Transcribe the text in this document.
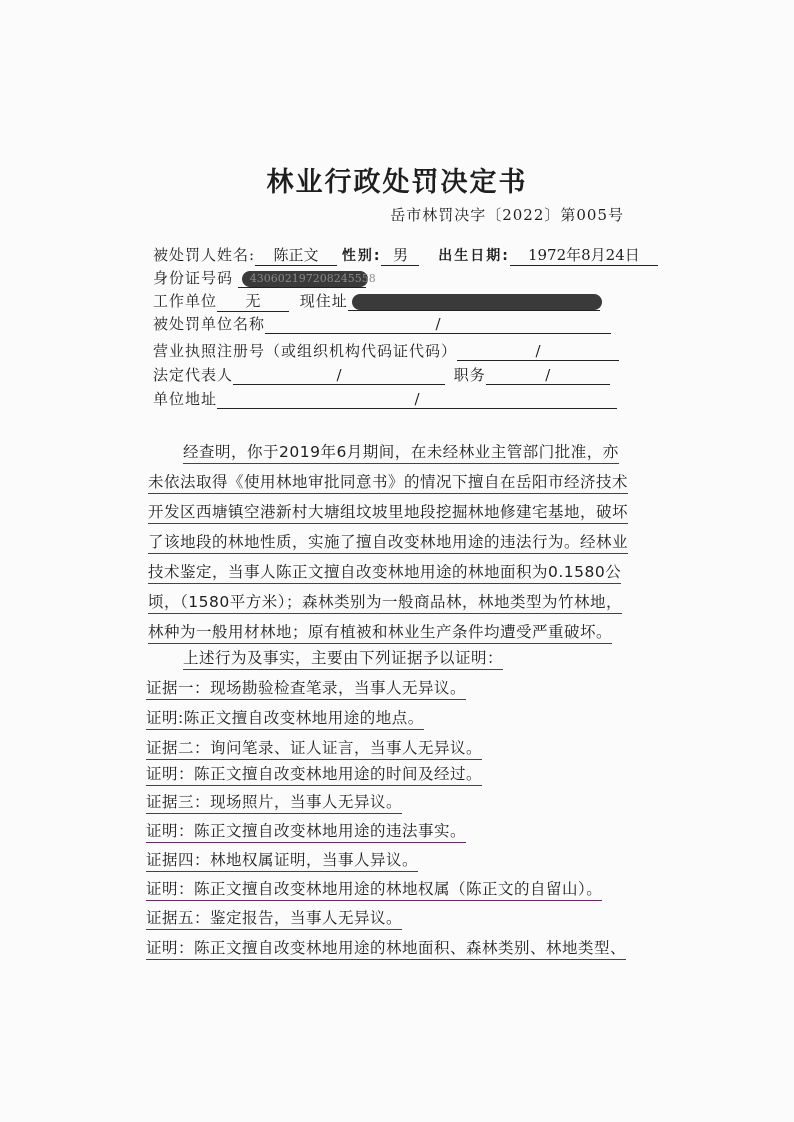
林业行政处罚决定书
岳市林罚决字〔2022〕第005号
被处罚人姓名: 陈正文 性别: 男 出生日期: 1972年8月24日
身份证号码 430602197208245558
工作单位 无	现住址
被处罚单位名称	/
营业执照注册号（或组织机构代码证代码）	/
法定代表人	/	职务	/
单位地址	/
经查明，你于2019年6月期间，在未经林业主管部门批准，亦
未依法取得《使用林地审批同意书》的情况下擅自在岳阳市经济技术
开发区西塘镇空港新村大塘组坟坡里地段挖掘林地修建宅基地，破坏
了该地段的林地性质，实施了擅自改变林地用途的违法行为。经林业
技术鉴定，当事人陈正文擅自改变林地用途的林地面积为0.1580公
顷，（1580平方米）；森林类别为一般商品林，林地类型为竹林地，
林种为一般用材林地；原有植被和林业生产条件均遭受严重破坏。
上述行为及事实，主要由下列证据予以证明：
证据一：现场勘验检查笔录，当事人无异议。
证明:陈正文擅自改变林地用途的地点。
证据二：询问笔录、证人证言，当事人无异议。
证明：陈正文擅自改变林地用途的时间及经过。
证据三：现场照片，当事人无异议。
证明：陈正文擅自改变林地用途的违法事实。
证据四：林地权属证明，当事人异议。
证明：陈正文擅自改变林地用途的林地权属（陈正文的自留山）。
证据五：鉴定报告，当事人无异议。
证明：陈正文擅自改变林地用途的林地面积、森林类别、林地类型、
